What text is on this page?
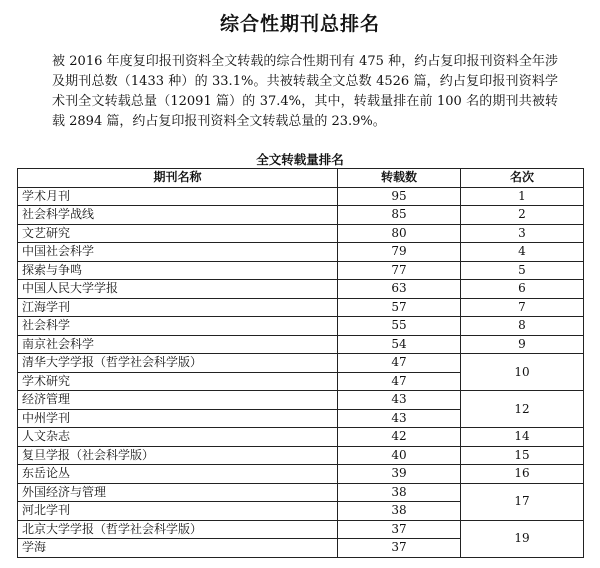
综合性期刊总排名

被 2016 年度复印报刊资料全文转载的综合性期刊有 475 种，约占复印报刊资料全年涉及期刊总数（1433 种）的 33.1%。共被转载全文总数 4526 篇，约占复印报刊资料学术刊全文转载总量（12091 篇）的 37.4%，其中，转载量排在前 100 名的期刊共被转载 2894 篇，约占复印报刊资料全文转载总量的 23.9%。

全文转载量排名
期刊名称	转载数	名次
学术月刊	95	1
社会科学战线	85	2
文艺研究	80	3
中国社会科学	79	4
探索与争鸣	77	5
中国人民大学学报	63	6
江海学刊	57	7
社会科学	55	8
南京社会科学	54	9
清华大学学报（哲学社会科学版）	47	10
学术研究	47	
经济管理	43	12
中州学刊	43	
人文杂志	42	14
复旦学报（社会科学版）	40	15
东岳论丛	39	16
外国经济与管理	38	17
河北学刊	38	
北京大学学报（哲学社会科学版）	37	19
学海	37	
